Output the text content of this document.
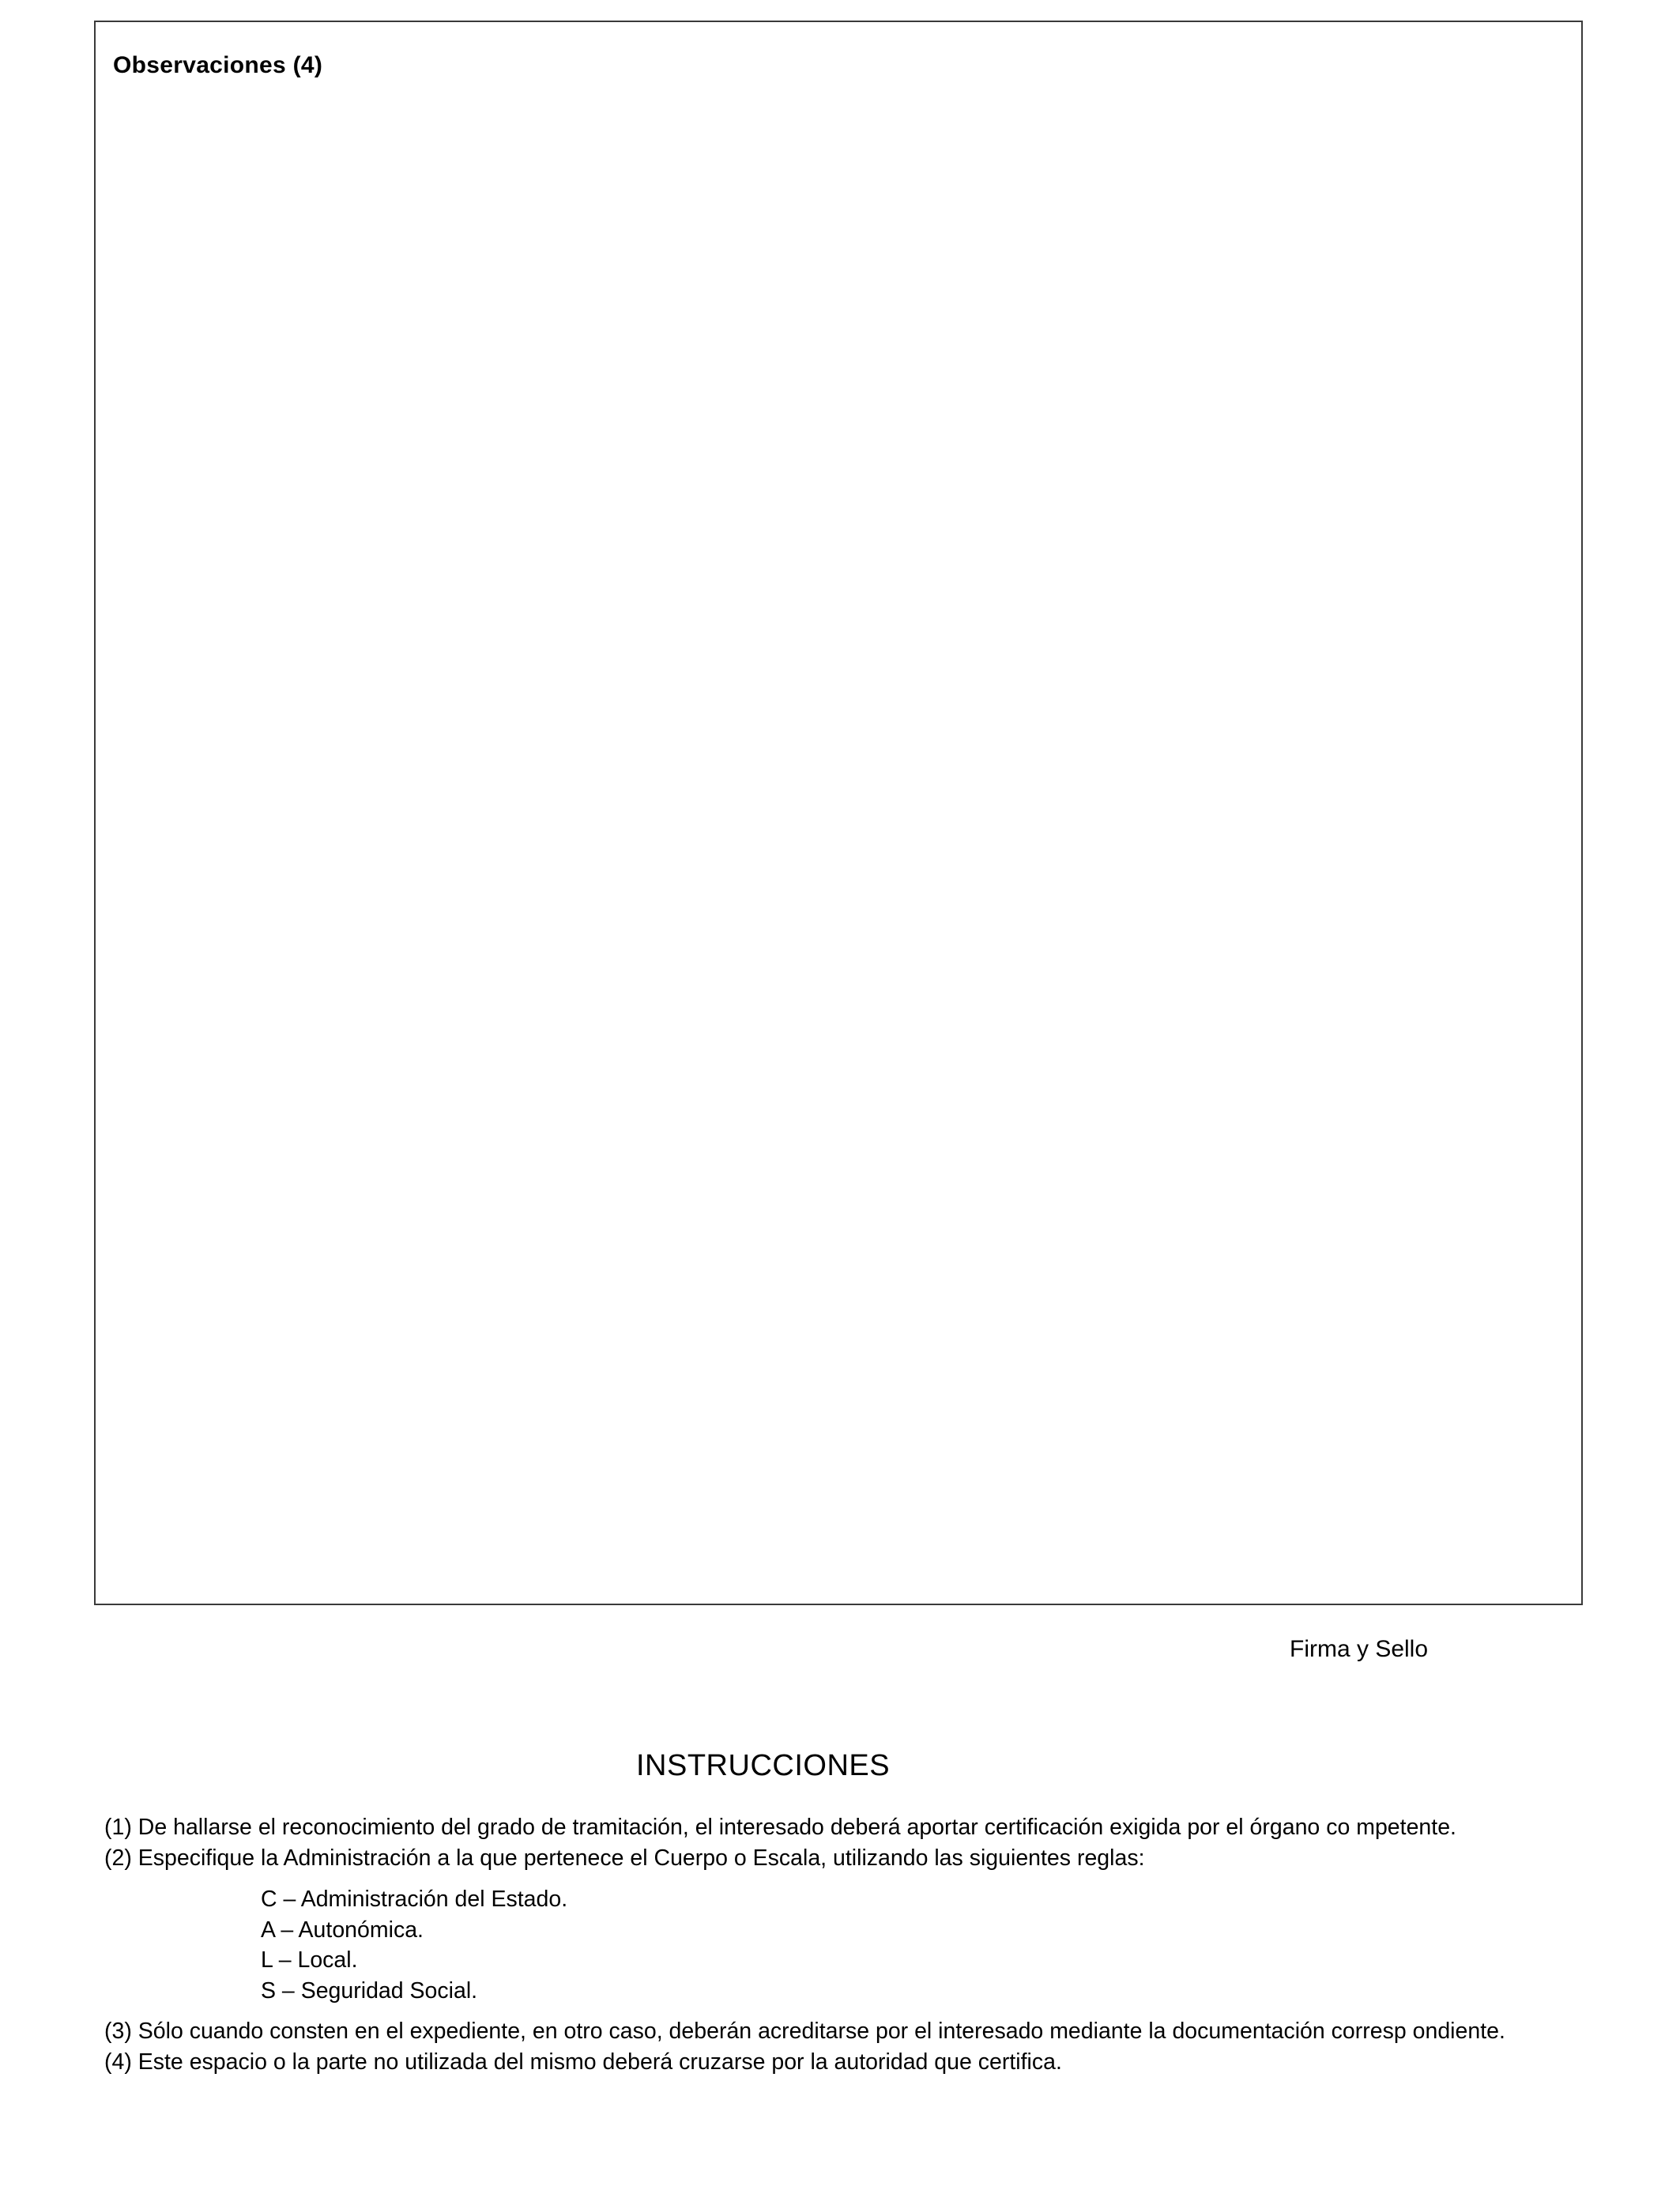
Observaciones (4)
Firma y Sello
INSTRUCCIONES
(1) De hallarse el reconocimiento del grado de tramitación, el interesado deberá aportar certificación exigida por el órgano co mpetente.
(2) Especifique la Administración a la que pertenece el Cuerpo o Escala, utilizando las siguientes reglas:
C – Administración del Estado.
A – Autonómica.
L – Local.
S – Seguridad Social.
(3) Sólo cuando consten en el expediente, en otro caso, deberán acreditarse por el interesado mediante la documentación corresp ondiente.
(4) Este espacio o la parte no utilizada del mismo deberá cruzarse por la autoridad que certifica.
